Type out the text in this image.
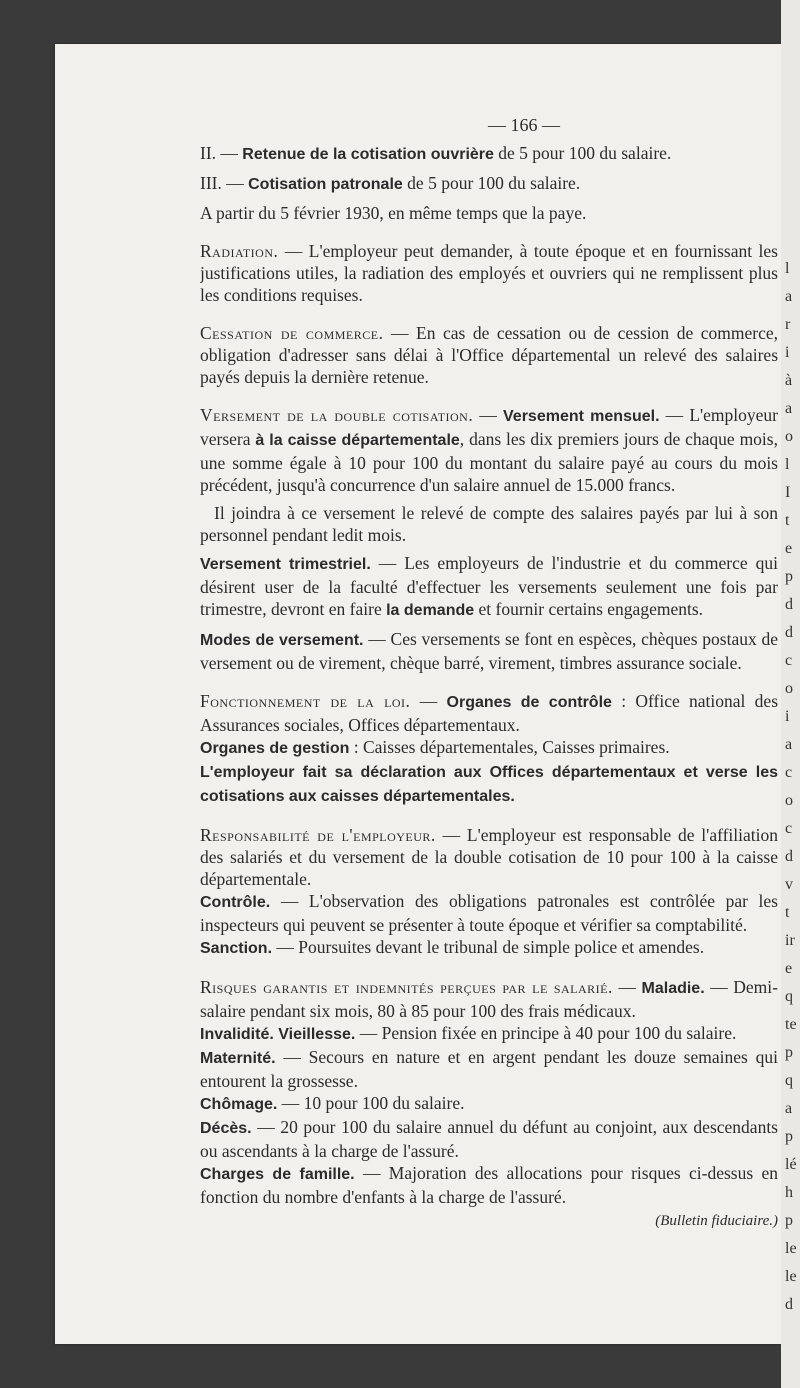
l
a
r
i
à
a
o
l
I
t
e
p
d
d
c
o
i
a
c
o
c
d
v
t
ir
e
q
te
p
q
a
p
lé
h
p
le
le
d
— 166 —

II. — Retenue de la cotisation ouvrière de 5 pour 100 du salaire.

III. — Cotisation patronale de 5 pour 100 du salaire.

A partir du 5 février 1930, en même temps que la paye.

Radiation. — L'employeur peut demander, à toute époque et en fournissant les justifications utiles, la radiation des employés et ouvriers qui ne remplissent plus les conditions requises.

Cessation de commerce. — En cas de cessation ou de cession de commerce, obligation d'adresser sans délai à l'Office départemental un relevé des salaires payés depuis la dernière retenue.

Versement de la double cotisation. — Versement mensuel. — L'employeur versera à la caisse départementale, dans les dix premiers jours de chaque mois, une somme égale à 10 pour 100 du montant du salaire payé au cours du mois précédent, jusqu'à concurrence d'un salaire annuel de 15.000 francs.

Il joindra à ce versement le relevé de compte des salaires payés par lui à son personnel pendant ledit mois.

Versement trimestriel. — Les employeurs de l'industrie et du commerce qui désirent user de la faculté d'effectuer les versements seulement une fois par trimestre, devront en faire la demande et fournir certains engagements.

Modes de versement. — Ces versements se font en espèces, chèques postaux de versement ou de virement, chèque barré, virement, timbres assurance sociale.

Fonctionnement de la loi. — Organes de contrôle : Office national des Assurances sociales, Offices départementaux.

Organes de gestion : Caisses départementales, Caisses primaires.

L'employeur fait sa déclaration aux Offices départementaux et verse les cotisations aux caisses départementales.

Responsabilité de l'employeur. — L'employeur est responsable de l'affiliation des salariés et du versement de la double cotisation de 10 pour 100 à la caisse départementale.

Contrôle. — L'observation des obligations patronales est contrôlée par les inspecteurs qui peuvent se présenter à toute époque et vérifier sa comptabilité.

Sanction. — Poursuites devant le tribunal de simple police et amendes.

Risques garantis et indemnités perçues par le salarié. — Maladie. — Demi-salaire pendant six mois, 80 à 85 pour 100 des frais médicaux.

Invalidité. Vieillesse. — Pension fixée en principe à 40 pour 100 du salaire.

Maternité. — Secours en nature et en argent pendant les douze semaines qui entourent la grossesse.

Chômage. — 10 pour 100 du salaire.

Décès. — 20 pour 100 du salaire annuel du défunt au conjoint, aux descendants ou ascendants à la charge de l'assuré.

Charges de famille. — Majoration des allocations pour risques ci-dessus en fonction du nombre d'enfants à la charge de l'assuré.

(Bulletin fiduciaire.)
